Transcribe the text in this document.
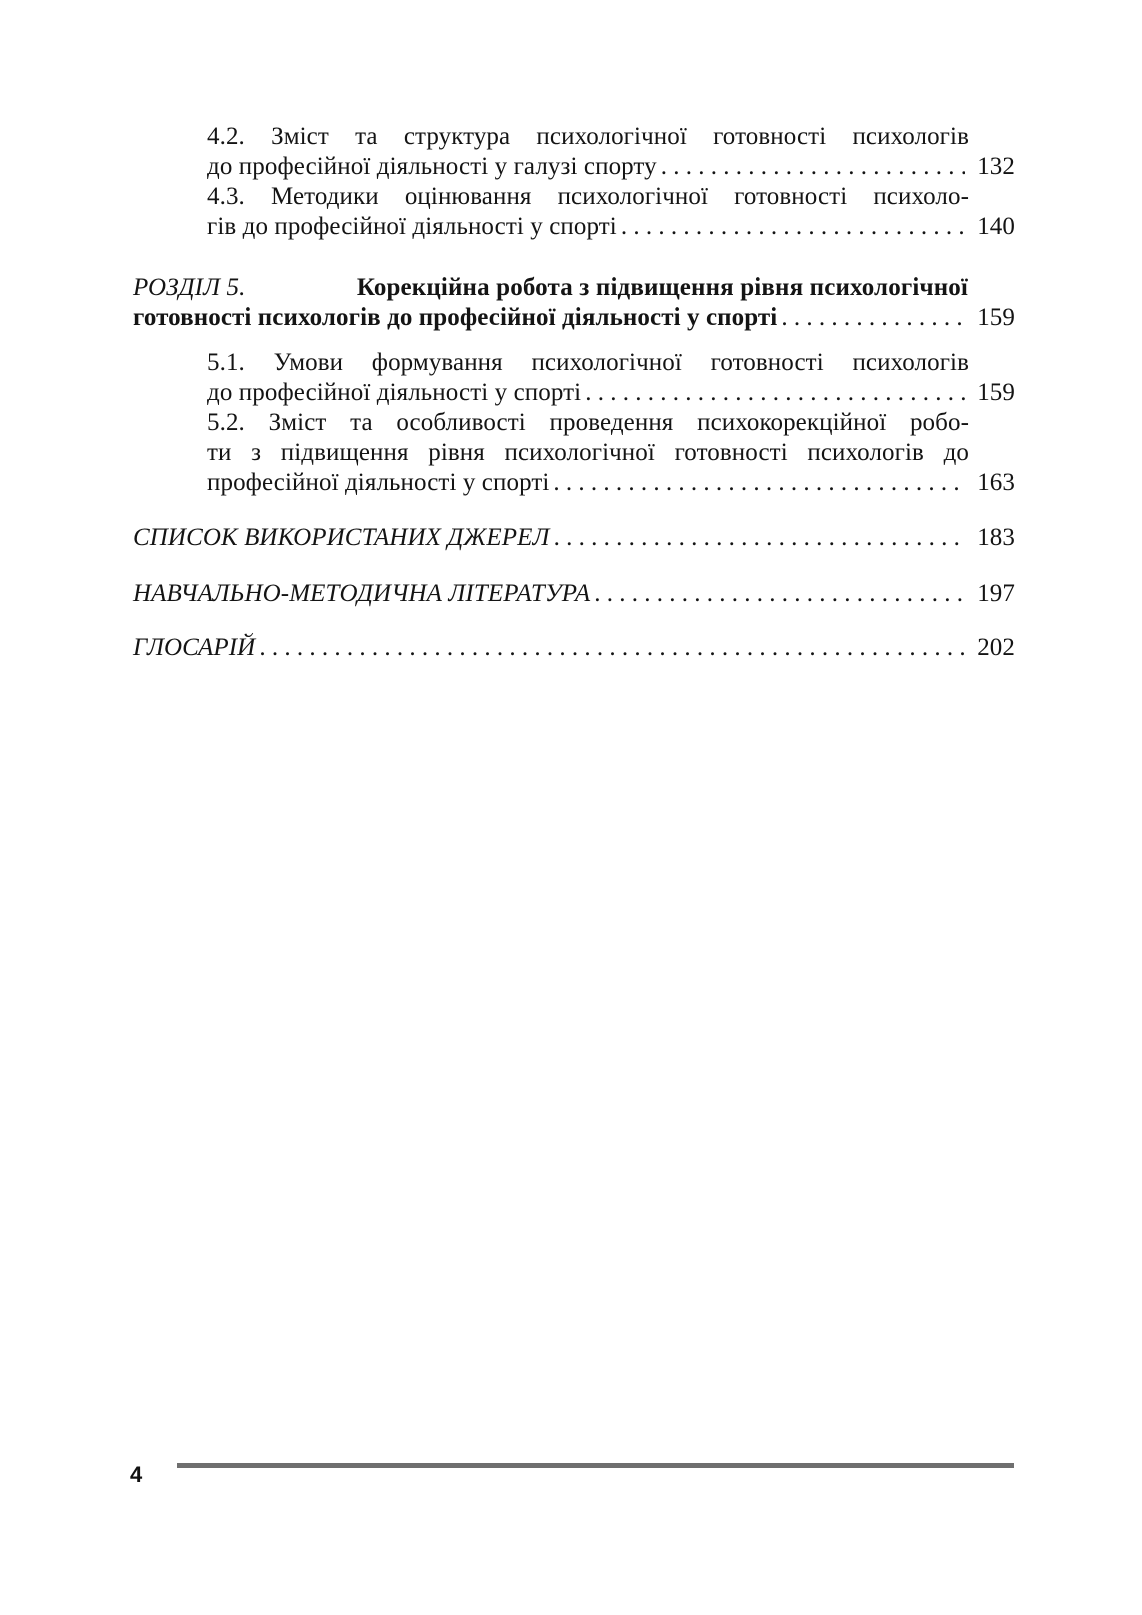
4.2. Зміст та структура психологічної готовності психологів
до професійної діяльності у галузі спорту . . .	132
4.3. Методики оцінювання психологічної готовності психоло-
гів до професійної діяльності у спорті . . .	140
РОЗДІЛ 5.	Корекційна робота з підвищення рівня психологічної
готовності психологів до професійної діяльності у спорті . . .	159
5.1. Умови формування психологічної готовності психологів
до професійної діяльності у спорті . . .	159
5.2. Зміст та особливості проведення психокорекційної робо-
ти з підвищення рівня психологічної готовності психологів до
професійної діяльності у спорті . . .	163
СПИСОК ВИКОРИСТАНИХ ДЖЕРЕЛ . . .	183
НАВЧАЛЬНО-МЕТОДИЧНА ЛІТЕРАТУРА . . .	197
ГЛОСАРІЙ . . .	202
4
